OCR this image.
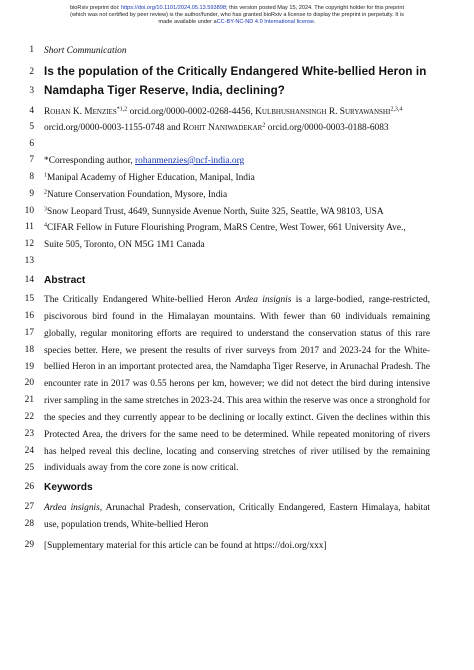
bioRxiv preprint doi: https://doi.org/10.1101/2024.05.13.593898; this version posted May 15, 2024. The copyright holder for this preprint
(which was not certified by peer review) is the author/funder, who has granted bioRxiv a license to display the preprint in perpetuity. It is
made available under aCC-BY-NC-ND 4.0 International license.
1
2
3
4
5
6
7
8
9
10
11
12
13
14
15
16
17
18
19
20
21
22
23
24
25
26
27
28
29
Short Communication
Is the population of the Critically Endangered White-bellied Heron in
Namdapha Tiger Reserve, India, declining?
Rohan K. Menzies$^{*1,2}$ orcid.org/0000-0002-0268-4456, Kulbhushansingh R. Suryawanshi$^{2,3,4}$
orcid.org/0000-0003-1155-0748 and Rohit Naniwadekar$^2$ orcid.org/0000-0003-0188-6083
*Corresponding author, rohanmenzies@ncf-india.org
$^1$Manipal Academy of Higher Education, Manipal, India
$^2$Nature Conservation Foundation, Mysore, India
$^3$Snow Leopard Trust, 4649, Sunnyside Avenue North, Suite 325, Seattle, WA 98103, USA
$^4$CIFAR Fellow in Future Flourishing Program, MaRS Centre, West Tower, 661 University Ave.,
Suite 505, Toronto, ON M5G 1M1 Canada
Abstract
The Critically Endangered White-bellied Heron Ardea insignis is a large-bodied, range-restricted, piscivorous bird found in the Himalayan mountains. With fewer than 60 individuals remaining globally, regular monitoring efforts are required to understand the conservation status of this rare species better. Here, we present the results of river surveys from 2017 and 2023-24 for the White-bellied Heron in an important protected area, the Namdapha Tiger Reserve, in Arunachal Pradesh. The encounter rate in 2017 was 0.55 herons per km, however; we did not detect the bird during intensive river sampling in the same stretches in 2023-24. This area within the reserve was once a stronghold for the species and they currently appear to be declining or locally extinct. Given the declines within this Protected Area, the drivers for the same need to be determined. While repeated monitoring of rivers has helped reveal this decline, locating and conserving stretches of river utilised by the remaining individuals away from the core zone is now critical.
Keywords
Ardea insignis, Arunachal Pradesh, conservation, Critically Endangered, Eastern Himalaya, habitat use, population trends, White-bellied Heron
[Supplementary material for this article can be found at https://doi.org/xxx]
